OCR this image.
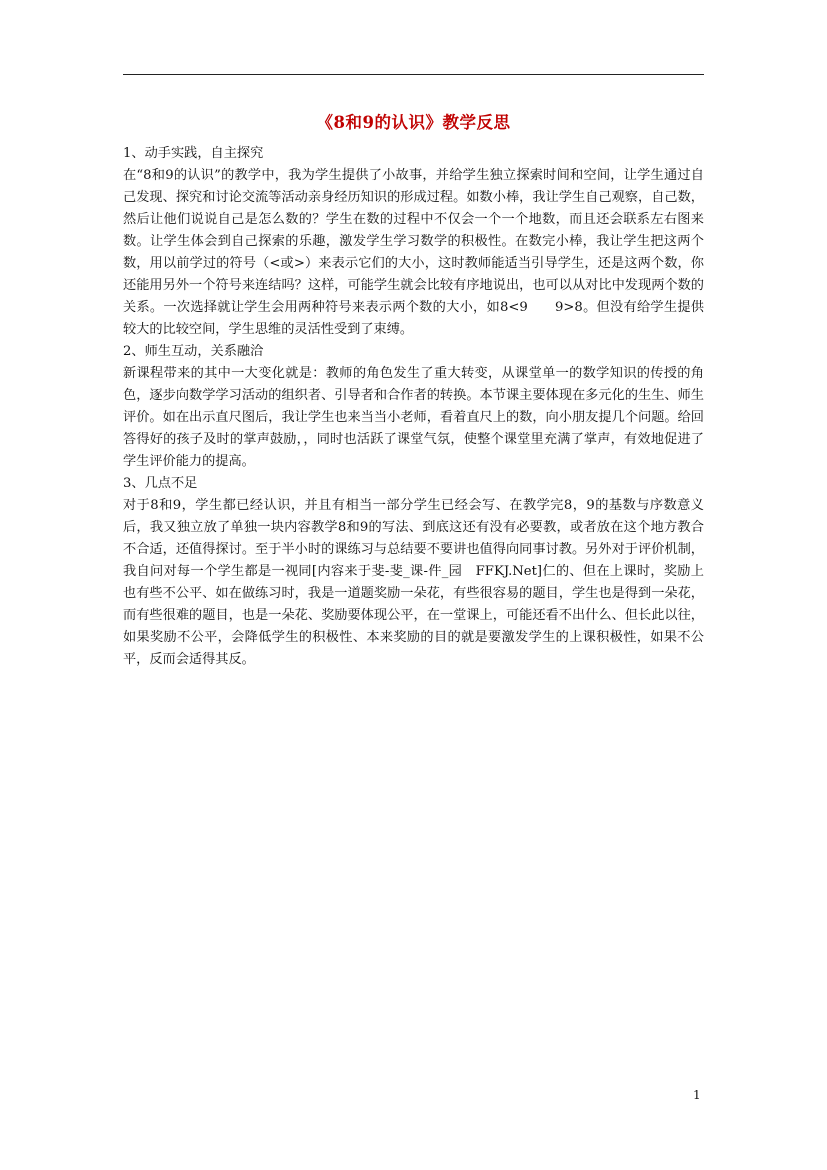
《8和9的认识》教学反思

1、动手实践，自主探究

在“8和9的认识”的教学中，我为学生提供了小故事，并给学生独立探索时间和空间，让学生通过自己发现、探究和讨论交流等活动亲身经历知识的形成过程。如数小棒，我让学生自己观察，自己数，然后让他们说说自己是怎么数的？学生在数的过程中不仅会一个一个地数，而且还会联系左右图来数。让学生体会到自己探索的乐趣，激发学生学习数学的积极性。在数完小棒，我让学生把这两个数，用以前学过的符号（<或>）来表示它们的大小，这时教师能适当引导学生，还是这两个数，你还能用另外一个符号来连结吗？这样，可能学生就会比较有序地说出，也可以从对比中发现两个数的关系。一次选择就让学生会用两种符号来表示两个数的大小，如8<9　　9>8。但没有给学生提供较大的比较空间，学生思维的灵活性受到了束缚。

2、师生互动，关系融洽

新课程带来的其中一大变化就是：教师的角色发生了重大转变，从课堂单一的数学知识的传授的角色，逐步向数学学习活动的组织者、引导者和合作者的转换。本节课主要体现在多元化的生生、师生评价。如在出示直尺图后，我让学生也来当当小老师，看着直尺上的数，向小朋友提几个问题。给回答得好的孩子及时的掌声鼓励，，同时也活跃了课堂气氛，使整个课堂里充满了掌声，有效地促进了学生评价能力的提高。

3、几点不足

对于8和9，学生都已经认识，并且有相当一部分学生已经会写、在教学完8，9的基数与序数意义后，我又独立放了单独一块内容教学8和9的写法、到底这还有没有必要教，或者放在这个地方教合不合适，还值得探讨。至于半小时的课练习与总结要不要讲也值得向同事讨教。另外对于评价机制，我自问对每一个学生都是一视同[内容来于斐-斐_课-件_园　FFKJ.Net]仁的、但在上课时，奖励上也有些不公平、如在做练习时，我是一道题奖励一朵花，有些很容易的题目，学生也是得到一朵花，而有些很难的题目，也是一朵花、奖励要体现公平，在一堂课上，可能还看不出什么、但长此以往，如果奖励不公平，会降低学生的积极性、本来奖励的目的就是要激发学生的上课积极性，如果不公平，反而会适得其反。

1
